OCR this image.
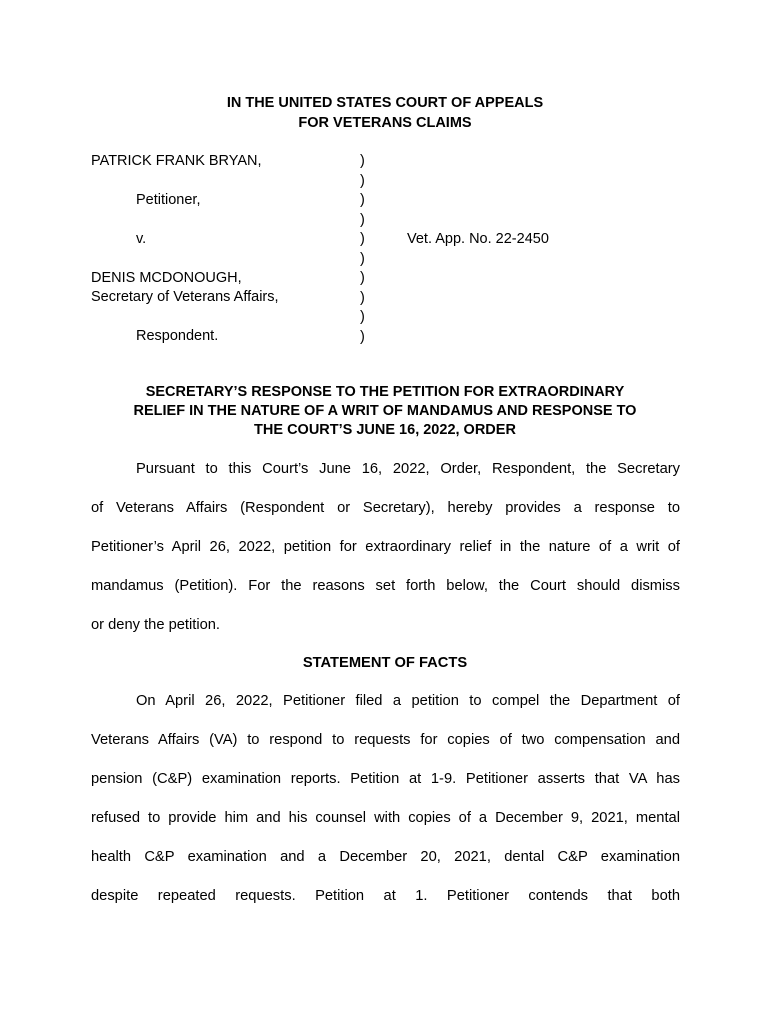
IN THE UNITED STATES COURT OF APPEALS
FOR VETERANS CLAIMS
PATRICK FRANK BRYAN,
Petitioner,
v.
DENIS MCDONOUGH,
Secretary of Veterans Affairs,
Respondent.
)
)
)
)
)
)
)
)
)
)
Vet. App. No. 22-2450
SECRETARY’S RESPONSE TO THE PETITION FOR EXTRAORDINARY
RELIEF IN THE NATURE OF A WRIT OF MANDAMUS AND RESPONSE TO
THE COURT’S JUNE 16, 2022, ORDER
Pursuant to this Court’s June 16, 2022, Order, Respondent, the Secretary
of Veterans Affairs (Respondent or Secretary), hereby provides a response to
Petitioner’s April 26, 2022, petition for extraordinary relief in the nature of a writ of
mandamus (Petition). For the reasons set forth below, the Court should dismiss
or deny the petition.
STATEMENT OF FACTS
On April 26, 2022, Petitioner filed a petition to compel the Department of
Veterans Affairs (VA) to respond to requests for copies of two compensation and
pension (C&P) examination reports. Petition at 1-9. Petitioner asserts that VA has
refused to provide him and his counsel with copies of a December 9, 2021, mental
health C&P examination and a December 20, 2021, dental C&P examination
despite repeated requests. Petition at 1. Petitioner contends that both
